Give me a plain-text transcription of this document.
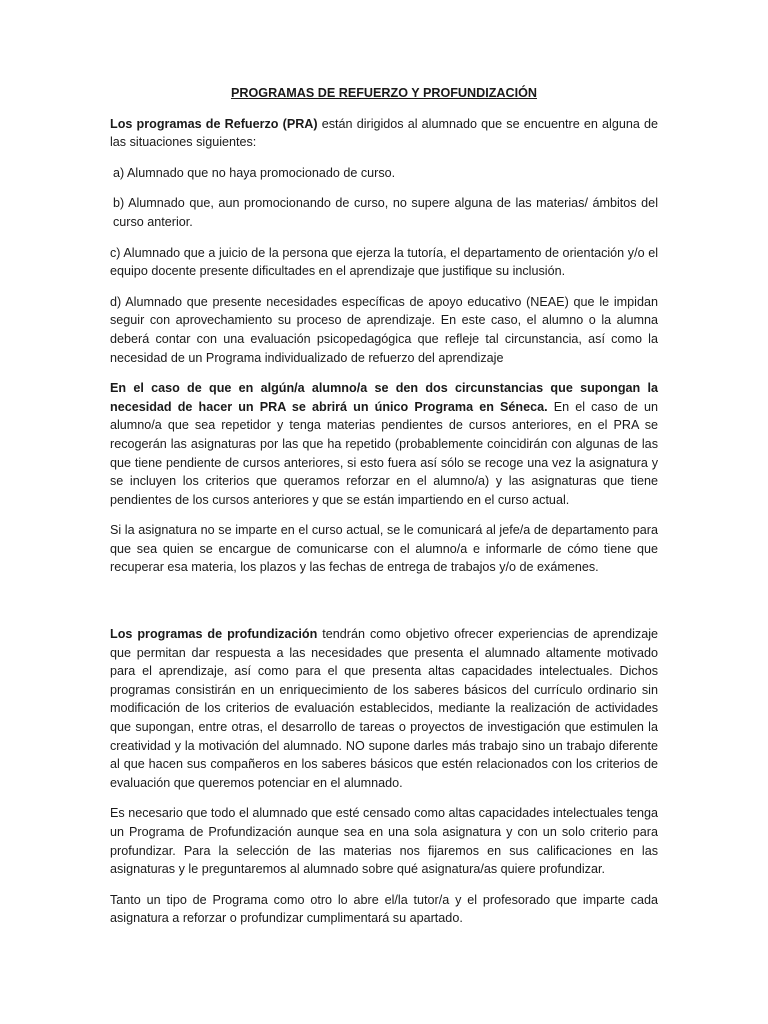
PROGRAMAS DE REFUERZO Y PROFUNDIZACIÓN

Los programas de Refuerzo (PRA) están dirigidos al alumnado que se encuentre en alguna de las situaciones siguientes:

a) Alumnado que no haya promocionado de curso.

b) Alumnado que, aun promocionando de curso, no supere alguna de las materias/ ámbitos del curso anterior.

c) Alumnado que a juicio de la persona que ejerza la tutoría, el departamento de orientación y/o el equipo docente presente dificultades en el aprendizaje que justifique su inclusión.

d) Alumnado que presente necesidades específicas de apoyo educativo (NEAE) que le impidan seguir con aprovechamiento su proceso de aprendizaje. En este caso, el alumno o la alumna deberá contar con una evaluación psicopedagógica que refleje tal circunstancia, así como la necesidad de un Programa individualizado de refuerzo del aprendizaje

En el caso de que en algún/a alumno/a se den dos circunstancias que supongan la necesidad de hacer un PRA se abrirá un único Programa en Séneca. En el caso de un alumno/a que sea repetidor y tenga materias pendientes de cursos anteriores, en el PRA se recogerán las asignaturas por las que ha repetido (probablemente coincidirán con algunas de las que tiene pendiente de cursos anteriores, si esto fuera así sólo se recoge una vez la asignatura y se incluyen los criterios que queramos reforzar en el alumno/a) y las asignaturas que tiene pendientes de los cursos anteriores y que se están impartiendo en el curso actual.

Si la asignatura no se imparte en el curso actual, se le comunicará al jefe/a de departamento para que sea quien se encargue de comunicarse con el alumno/a e informarle de cómo tiene que recuperar esa materia, los plazos y las fechas de entrega de trabajos y/o de exámenes.

Los programas de profundización tendrán como objetivo ofrecer experiencias de aprendizaje que permitan dar respuesta a las necesidades que presenta el alumnado altamente motivado para el aprendizaje, así como para el que presenta altas capacidades intelectuales. Dichos programas consistirán en un enriquecimiento de los saberes básicos del currículo ordinario sin modificación de los criterios de evaluación establecidos, mediante la realización de actividades que supongan, entre otras, el desarrollo de tareas o proyectos de investigación que estimulen la creatividad y la motivación del alumnado. NO supone darles más trabajo sino un trabajo diferente al que hacen sus compañeros en los saberes básicos que estén relacionados con los criterios de evaluación que queremos potenciar en el alumnado.

Es necesario que todo el alumnado que esté censado como altas capacidades intelectuales tenga un Programa de Profundización aunque sea en una sola asignatura y con un solo criterio para profundizar. Para la selección de las materias nos fijaremos en sus calificaciones en las asignaturas y le preguntaremos al alumnado sobre qué asignatura/as quiere profundizar.

Tanto un tipo de Programa como otro lo abre el/la tutor/a y el profesorado que imparte cada asignatura a reforzar o profundizar cumplimentará su apartado.
